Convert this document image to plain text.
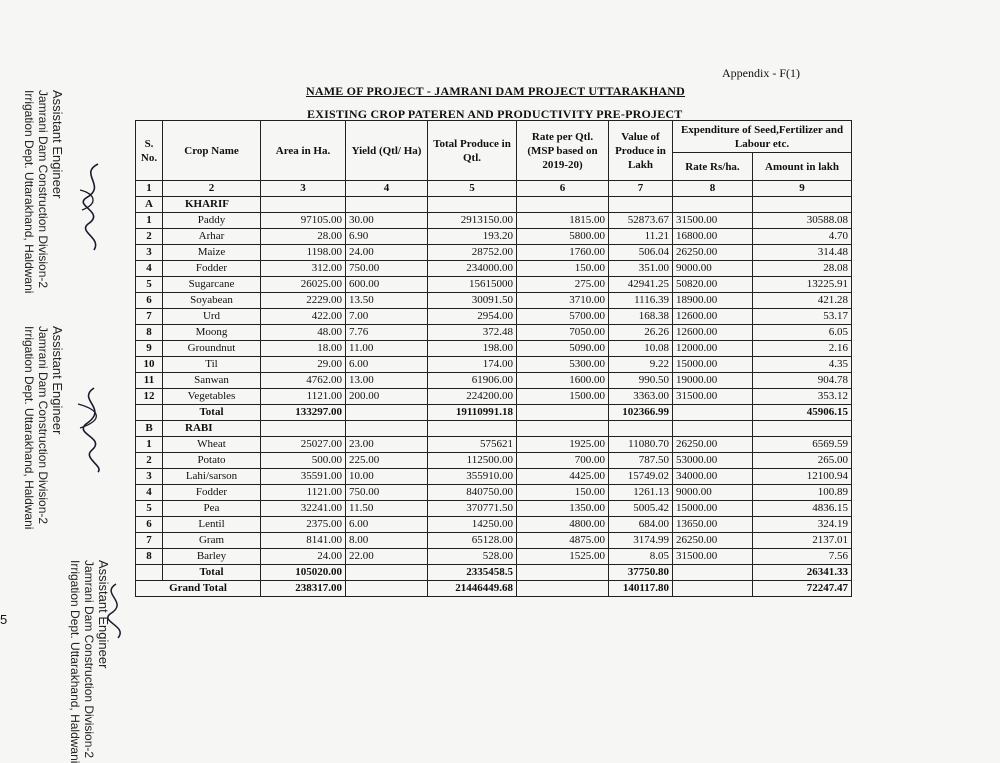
Appendix - F(1)
NAME OF PROJECT - JAMRANI DAM PROJECT UTTARAKHAND
EXISTING CROP PATEREN AND PRODUCTIVITY PRE-PROJECT
S. No.	Crop Name	Area in Ha.	Yield (Qtl/ Ha)	Total Produce in Qtl.	Rate per Qtl.(MSP based on 2019-20)	Value of Produce in Lakh	Expenditure of Seed,Fertilizer and Labour etc.	
							Rate Rs/ha.	Amount in lakh
1	2	3	4	5	6	7	8	9
A	KHARIF							
1	Paddy	97105.00	30.00	2913150.00	1815.00	52873.67	31500.00	30588.08
2	Arhar	28.00	6.90	193.20	5800.00	11.21	16800.00	4.70
3	Maize	1198.00	24.00	28752.00	1760.00	506.04	26250.00	314.48
4	Fodder	312.00	750.00	234000.00	150.00	351.00	9000.00	28.08
5	Sugarcane	26025.00	600.00	15615000	275.00	42941.25	50820.00	13225.91
6	Soyabean	2229.00	13.50	30091.50	3710.00	1116.39	18900.00	421.28
7	Urd	422.00	7.00	2954.00	5700.00	168.38	12600.00	53.17
8	Moong	48.00	7.76	372.48	7050.00	26.26	12600.00	6.05
9	Groundnut	18.00	11.00	198.00	5090.00	10.08	12000.00	2.16
10	Til	29.00	6.00	174.00	5300.00	9.22	15000.00	4.35
11	Sanwan	4762.00	13.00	61906.00	1600.00	990.50	19000.00	904.78
12	Vegetables	1121.00	200.00	224200.00	1500.00	3363.00	31500.00	353.12
	Total	133297.00		19110991.18		102366.99		45906.15
B	RABI							
1	Wheat	25027.00	23.00	575621	1925.00	11080.70	26250.00	6569.59
2	Potato	500.00	225.00	112500.00	700.00	787.50	53000.00	265.00
3	Lahi/sarson	35591.00	10.00	355910.00	4425.00	15749.02	34000.00	12100.94
4	Fodder	1121.00	750.00	840750.00	150.00	1261.13	9000.00	100.89
5	Pea	32241.00	11.50	370771.50	1350.00	5005.42	15000.00	4836.15
6	Lentil	2375.00	6.00	14250.00	4800.00	684.00	13650.00	324.19
7	Gram	8141.00	8.00	65128.00	4875.00	3174.99	26250.00	2137.01
8	Barley	24.00	22.00	528.00	1525.00	8.05	31500.00	7.56
	Total	105020.00		2335458.5		37750.80		26341.33
Grand Total		238317.00		21446449.68		140117.80		72247.47
Assistant Engineer
Jamrani Dam Construction Division-2
Irrigation Dept. Uttarakhand, Haldwani
Assistant Engineer
Jamrani Dam Construction Division-2
Irrigation Dept. Uttarakhand, Haldwani
Assistant Engineer
Jamrani Dam Construction Division-2
Irrigation Dept. Uttarakhand, Haldwani
5
